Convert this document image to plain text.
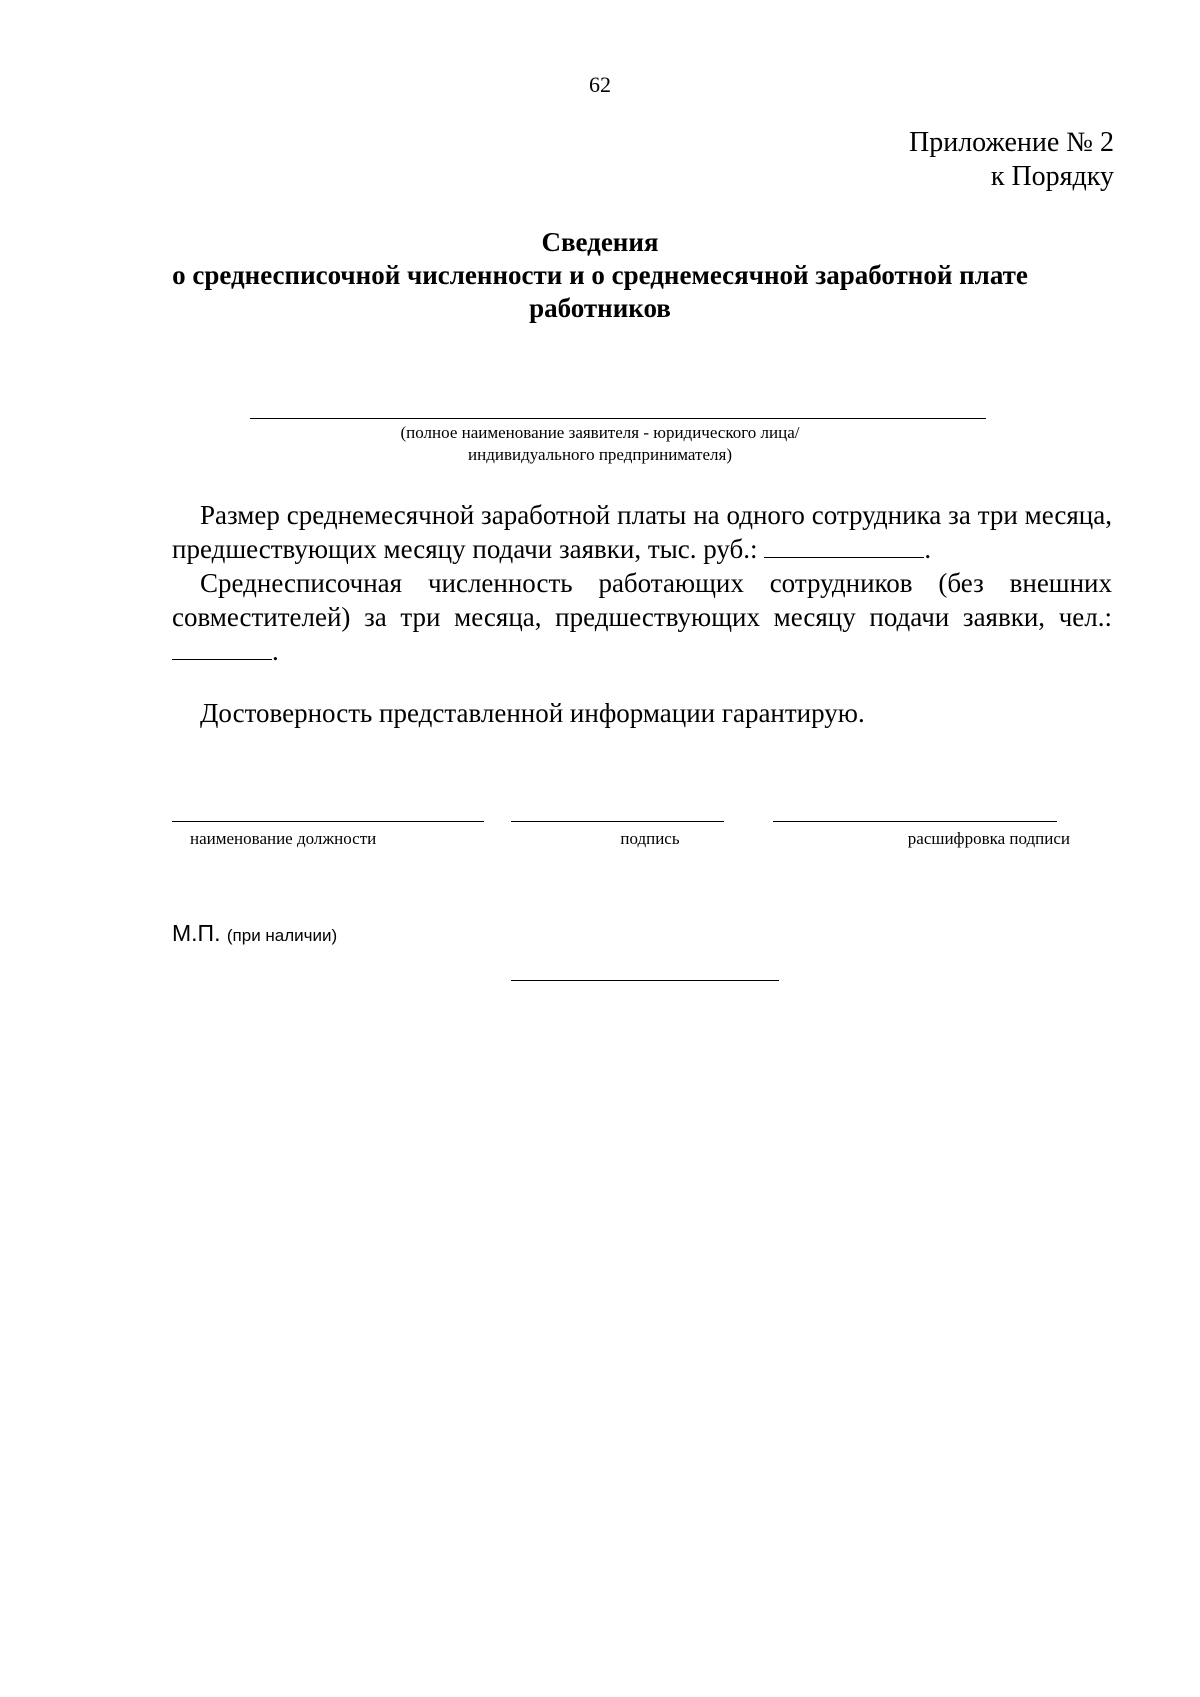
62
Приложение № 2
к Порядку
Сведения
о среднесписочной численности и о среднемесячной заработной плате
работников
(полное наименование заявителя - юридического лица/
индивидуального предпринимателя)
Размер среднемесячной заработной платы на одного сотрудника за три месяца, предшествующих месяцу подачи заявки, тыс. руб.:	.
Среднесписочная численность работающих сотрудников (без внешних совместителей) за три месяца, предшествующих месяцу подачи заявки, чел.: .
Достоверность представленной информации гарантирую.
наименование должности	подпись	расшифровка подписи
М.П. (при наличии)
